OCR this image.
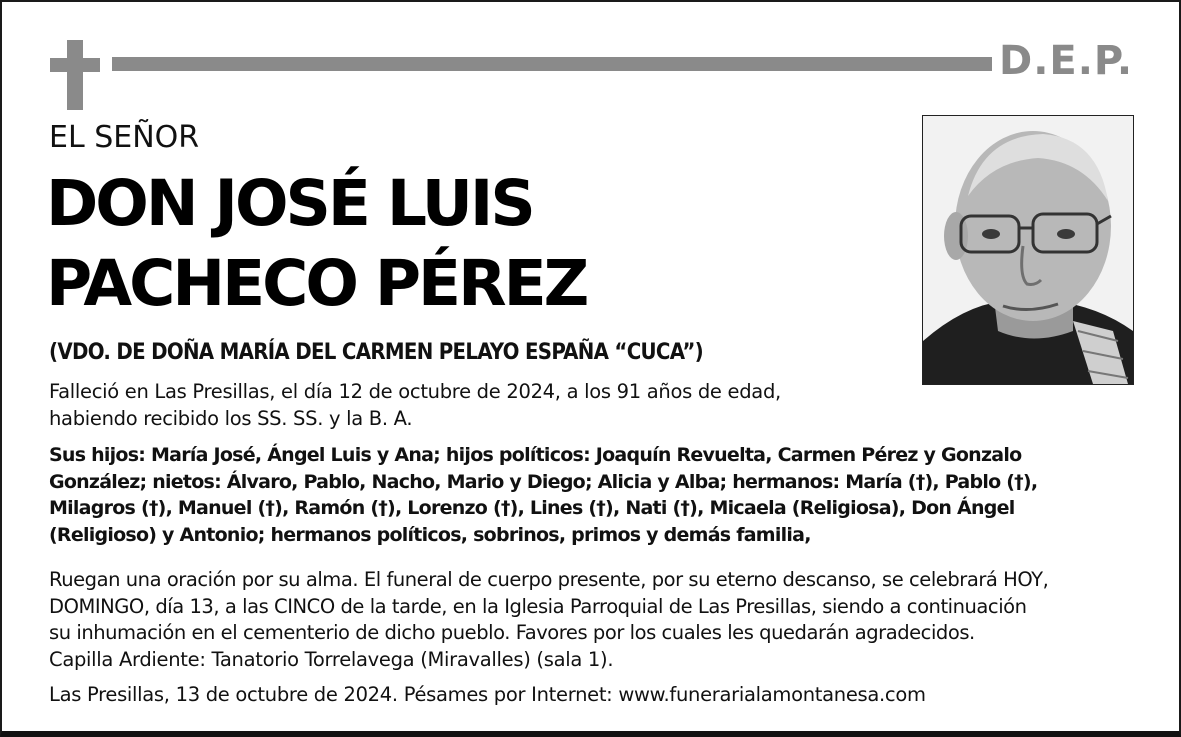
D.E.P.
EL SEÑOR
DON JOSÉ LUIS
PACHECO PÉREZ
(VDO. DE DOÑA MARÍA DEL CARMEN PELAYO ESPAÑA “CUCA”)
Falleció en Las Presillas, el día 12 de octubre de 2024, a los 91 años de edad,
habiendo recibido los SS. SS. y la B. A.
Sus hijos: María José, Ángel Luis y Ana; hijos políticos: Joaquín Revuelta, Carmen Pérez y Gonzalo
González; nietos: Álvaro, Pablo, Nacho, Mario y Diego; Alicia y Alba; hermanos: María (†), Pablo (†),
Milagros (†), Manuel (†), Ramón (†), Lorenzo (†), Lines (†), Nati (†), Micaela (Religiosa), Don Ángel
(Religioso) y Antonio; hermanos políticos, sobrinos, primos y demás familia,
Ruegan una oración por su alma. El funeral de cuerpo presente, por su eterno descanso, se celebrará HOY,
DOMINGO, día 13, a las CINCO de la tarde, en la Iglesia Parroquial de Las Presillas, siendo a continuación
su inhumación en el cementerio de dicho pueblo. Favores por los cuales les quedarán agradecidos.
Capilla Ardiente: Tanatorio Torrelavega (Miravalles) (sala 1).
Las Presillas, 13 de octubre de 2024. Pésames por Internet: www.funerarialamontanesa.com
